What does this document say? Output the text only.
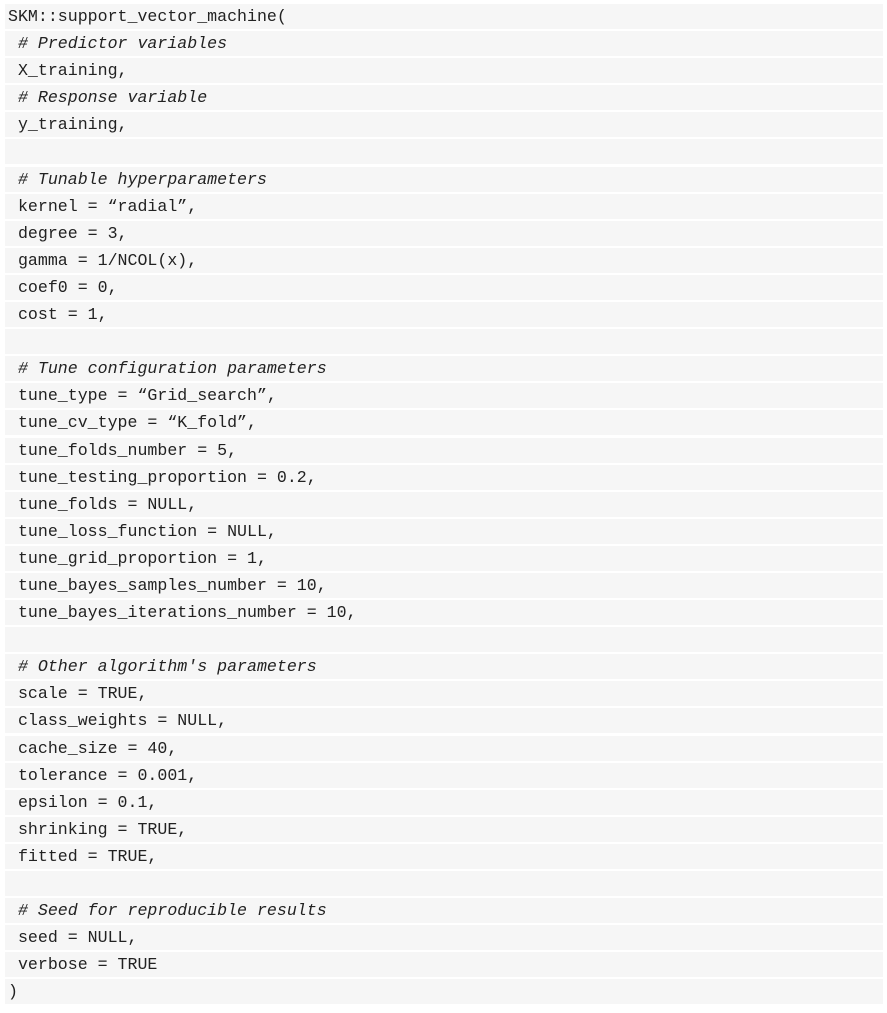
SKM::support_vector_machine(
# Predictor variables
X_training,
# Response variable
y_training,
# Tunable hyperparameters
kernel = “radial”,
degree = 3,
gamma = 1/NCOL(x),
coef0 = 0,
cost = 1,
# Tune configuration parameters
tune_type = “Grid_search”,
tune_cv_type = “K_fold”,
tune_folds_number = 5,
tune_testing_proportion = 0.2,
tune_folds = NULL,
tune_loss_function = NULL,
tune_grid_proportion = 1,
tune_bayes_samples_number = 10,
tune_bayes_iterations_number = 10,
# Other algorithm's parameters
scale = TRUE,
class_weights = NULL,
cache_size = 40,
tolerance = 0.001,
epsilon = 0.1,
shrinking = TRUE,
fitted = TRUE,
# Seed for reproducible results
seed = NULL,
verbose = TRUE
)
